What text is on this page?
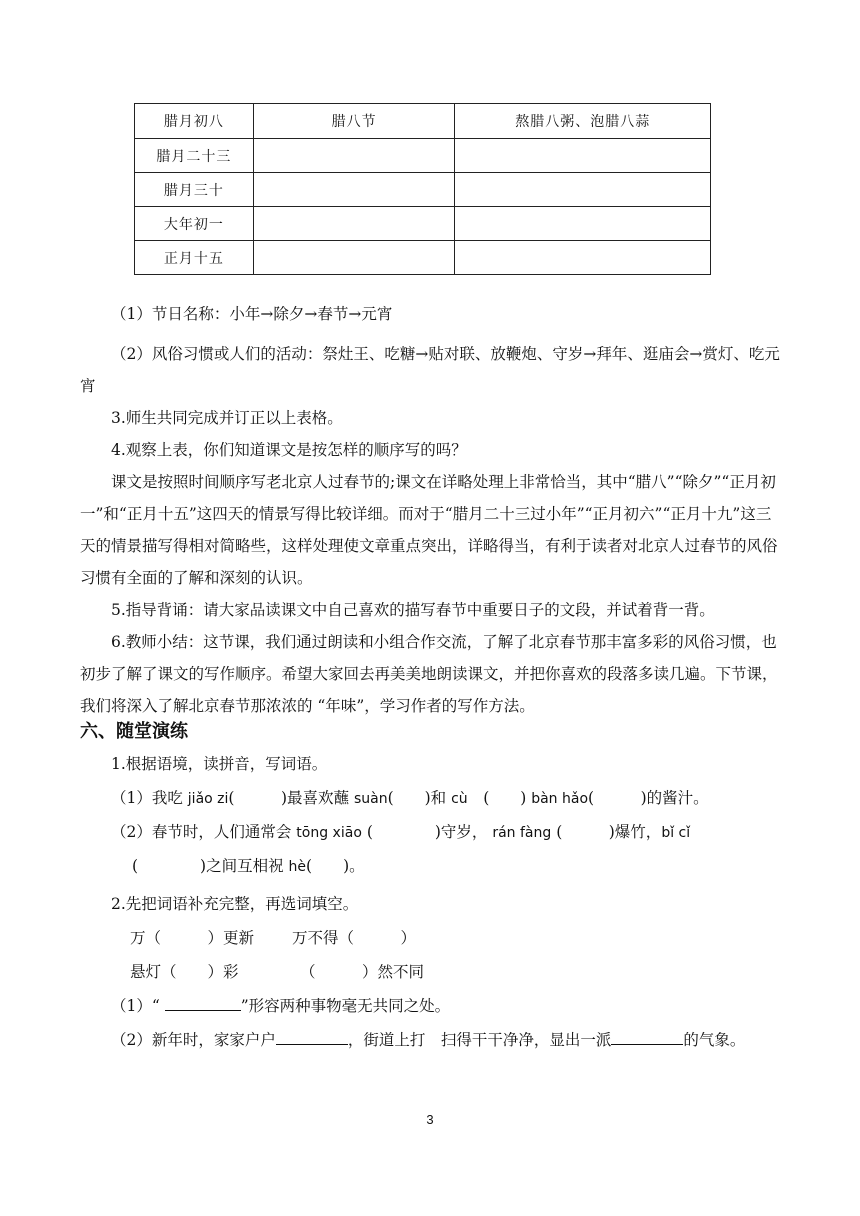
腊月初八	腊八节	熬腊八粥、泡腊八蒜
腊月二十三		
腊月三十		
大年初一		
正月十五		

（1）节日名称：小年→除夕→春节→元宵

（2）风俗习惯或人们的活动：祭灶王、吃糖→贴对联、放鞭炮、守岁→拜年、逛庙会→赏灯、吃元宵

3.师生共同完成并订正以上表格。

4.观察上表，你们知道课文是按怎样的顺序写的吗？

课文是按照时间顺序写老北京人过春节的;课文在详略处理上非常恰当，其中“腊八”“除夕”“正月初一”和“正月十五”这四天的情景写得比较详细。而对于“腊月二十三过小年”“正月初六”“正月十九”这三天的情景描写得相对简略些，这样处理使文章重点突出，详略得当，有利于读者对北京人过春节的风俗习惯有全面的了解和深刻的认识。

5.指导背诵：请大家品读课文中自己喜欢的描写春节中重要日子的文段，并试着背一背。

6.教师小结：这节课，我们通过朗读和小组合作交流，了解了北京春节那丰富多彩的风俗习惯，也初步了解了课文的写作顺序。希望大家回去再美美地朗读课文，并把你喜欢的段落多读几遍。下节课，我们将深入了解北京春节那浓浓的 “年味”，学习作者的写作方法。

六、随堂演练
1.根据语境，读拼音，写词语。
（1）我吃 jiǎo zi(　　　)最喜欢蘸 suàn(　　)和 cù　(　　) bàn hǎo(　　　)的酱汁。
（2）春节时，人们通常会 tōng xiāo (　　　　)守岁， rán fàng (　　　)爆竹，bǐ cǐ
(　　　　)之间互相祝 hè(　　)。
2.先把词语补充完整，再选词填空。
万（　　　）更新 万不得（　　　）
悬灯（　　）彩	（　　　）然不同
（1）“	”形容两种事物毫无共同之处。
（2）新年时，家家户户	，街道上打　扫得干干净净，显出一派	的气象。
3
